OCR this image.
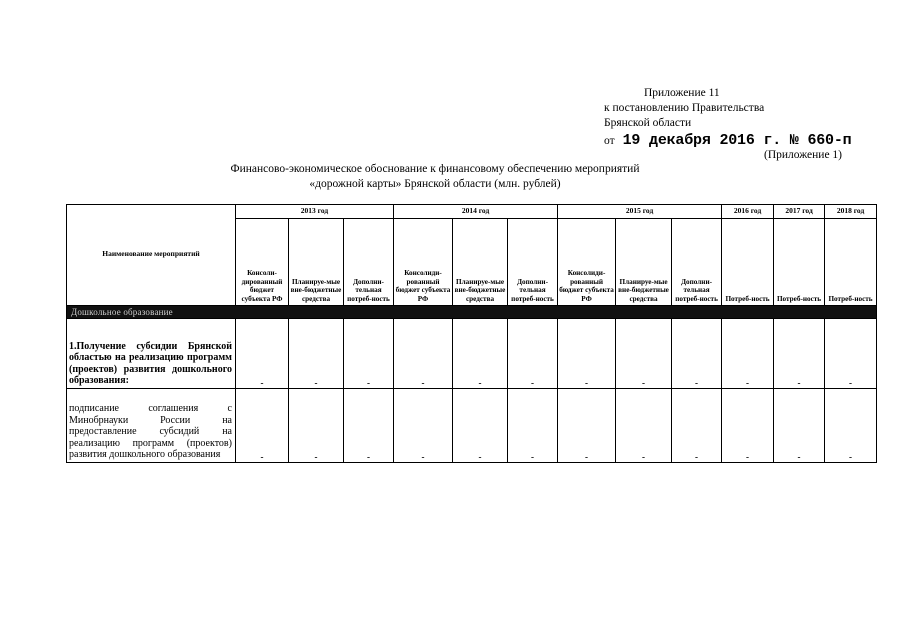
Приложение 11
к постановлению Правительства
Брянской области
от 19 декабря 2016 г. № 660-п
(Приложение 1)
Финансово-экономическое обоснование к финансовому обеспечению мероприятий
«дорожной карты» Брянской области (млн. рублей)
Наименование мероприятий	2013 год			2014 год			2015 год			2016 год	2017 год	2018 год
	Консоли-дированный бюджет субъекта РФ	Планируе-мые вне-бюджетные средства	Дополни-тельная потреб-ность	Консолиди-рованный бюджет субъекта РФ	Планируе-мые вне-бюджетные средства	Дополни-тельная потреб-ность	Консолиди-рованный бюджет субъекта РФ	Планируе-мые вне-бюджетные средства	Дополни-тельная потреб-ность	Потреб-ность	Потреб-ность	Потреб-ность
Дошкольное образование												
1.Получение субсидии Брянской областью на реализацию программ (проектов) развития дошкольного образования:	-	-	-	-	-	-	-	-	-	-	-	-
подписание соглашения с Минобрнауки России на предоставление субсидий на реализацию программ (проектов) развития дошкольного образования	-	-	-	-	-	-	-	-	-	-	-	-
